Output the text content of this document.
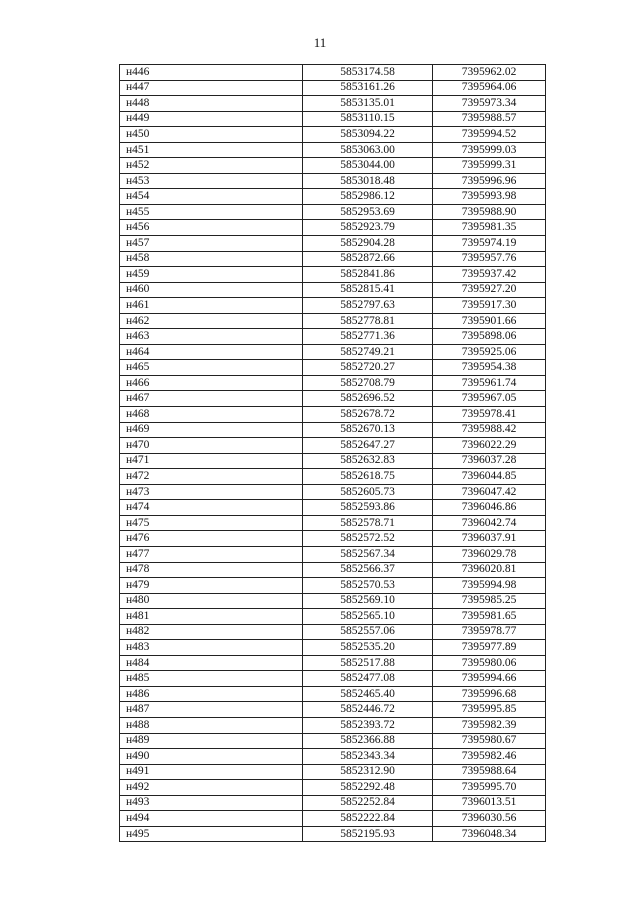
11
н446	5853174.58	7395962.02
н447	5853161.26	7395964.06
н448	5853135.01	7395973.34
н449	5853110.15	7395988.57
н450	5853094.22	7395994.52
н451	5853063.00	7395999.03
н452	5853044.00	7395999.31
н453	5853018.48	7395996.96
н454	5852986.12	7395993.98
н455	5852953.69	7395988.90
н456	5852923.79	7395981.35
н457	5852904.28	7395974.19
н458	5852872.66	7395957.76
н459	5852841.86	7395937.42
н460	5852815.41	7395927.20
н461	5852797.63	7395917.30
н462	5852778.81	7395901.66
н463	5852771.36	7395898.06
н464	5852749.21	7395925.06
н465	5852720.27	7395954.38
н466	5852708.79	7395961.74
н467	5852696.52	7395967.05
н468	5852678.72	7395978.41
н469	5852670.13	7395988.42
н470	5852647.27	7396022.29
н471	5852632.83	7396037.28
н472	5852618.75	7396044.85
н473	5852605.73	7396047.42
н474	5852593.86	7396046.86
н475	5852578.71	7396042.74
н476	5852572.52	7396037.91
н477	5852567.34	7396029.78
н478	5852566.37	7396020.81
н479	5852570.53	7395994.98
н480	5852569.10	7395985.25
н481	5852565.10	7395981.65
н482	5852557.06	7395978.77
н483	5852535.20	7395977.89
н484	5852517.88	7395980.06
н485	5852477.08	7395994.66
н486	5852465.40	7395996.68
н487	5852446.72	7395995.85
н488	5852393.72	7395982.39
н489	5852366.88	7395980.67
н490	5852343.34	7395982.46
н491	5852312.90	7395988.64
н492	5852292.48	7395995.70
н493	5852252.84	7396013.51
н494	5852222.84	7396030.56
н495	5852195.93	7396048.34
